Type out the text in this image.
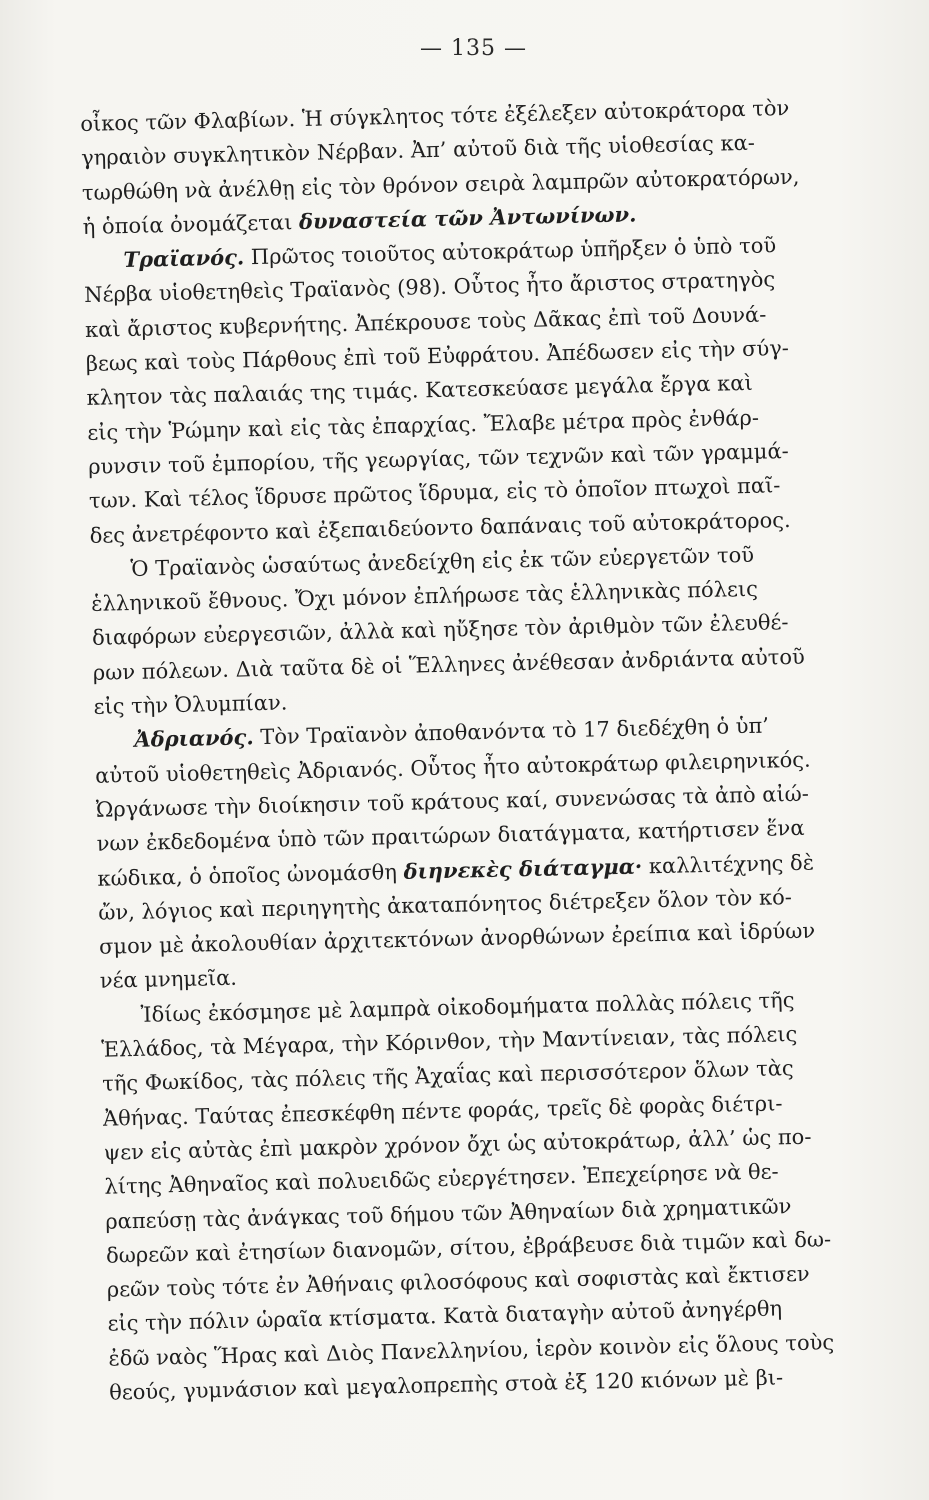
— 135 —
οἶκος τῶν Φλαβίων. Ἡ σύγκλητος τότε ἐξέλεξεν αὐτοκράτορα τὸν
γηραιὸν συγκλητικὸν Νέρβαν. Ἀπ’ αὐτοῦ διὰ τῆς υἱοθεσίας κα-
τωρθώθη νὰ ἀνέλθῃ εἰς τὸν θρόνον σειρὰ λαμπρῶν αὐτοκρατόρων,
ἡ ὁποία ὀνομάζεται δυναστεία τῶν Ἀντωνίνων.
Τραϊανός. Πρῶτος τοιοῦτος αὐτοκράτωρ ὑπῆρξεν ὁ ὑπὸ τοῦ
Νέρβα υἱοθετηθεὶς Τραϊανὸς (98). Οὗτος ἦτο ἄριστος στρατηγὸς
καὶ ἄριστος κυβερνήτης. Ἀπέκρουσε τοὺς Δᾶκας ἐπὶ τοῦ Δουνά-
βεως καὶ τοὺς Πάρθους ἐπὶ τοῦ Εὐφράτου. Ἀπέδωσεν εἰς τὴν σύγ-
κλητον τὰς παλαιάς της τιμάς. Κατεσκεύασε μεγάλα ἔργα καὶ
εἰς τὴν Ῥώμην καὶ εἰς τὰς ἐπαρχίας. Ἔλαβε μέτρα πρὸς ἐνθάρ-
ρυνσιν τοῦ ἐμπορίου, τῆς γεωργίας, τῶν τεχνῶν καὶ τῶν γραμμά-
των. Καὶ τέλος ἵδρυσε πρῶτος ἵδρυμα, εἰς τὸ ὁποῖον πτωχοὶ παῖ-
δες ἀνετρέφοντο καὶ ἐξεπαιδεύοντο δαπάναις τοῦ αὐτοκράτορος.
Ὁ Τραϊανὸς ὡσαύτως ἀνεδείχθη εἰς ἐκ τῶν εὐεργετῶν τοῦ
ἑλληνικοῦ ἔθνους. Ὄχι μόνον ἐπλήρωσε τὰς ἑλληνικὰς πόλεις
διαφόρων εὐεργεσιῶν, ἀλλὰ καὶ ηὔξησε τὸν ἀριθμὸν τῶν ἐλευθέ-
ρων πόλεων. Διὰ ταῦτα δὲ οἱ Ἕλληνες ἀνέθεσαν ἀνδριάντα αὐτοῦ
εἰς τὴν Ὀλυμπίαν.
Ἀδριανός. Τὸν Τραϊανὸν ἀποθανόντα τὸ 17 διεδέχθη ὁ ὑπ’
αὐτοῦ υἱοθετηθεὶς Ἀδριανός. Οὗτος ἦτο αὐτοκράτωρ φιλειρηνικός.
Ὠργάνωσε τὴν διοίκησιν τοῦ κράτους καί, συνενώσας τὰ ἀπὸ αἰώ-
νων ἐκδεδομένα ὑπὸ τῶν πραιτώρων διατάγματα, κατήρτισεν ἕνα
κώδικα, ὁ ὁποῖος ὠνομάσθη διηνεκὲς διάταγμα· καλλιτέχνης δὲ
ὤν, λόγιος καὶ περιηγητὴς ἀκαταπόνητος διέτρεξεν ὅλον τὸν κό-
σμον μὲ ἀκολουθίαν ἀρχιτεκτόνων ἀνορθώνων ἐρείπια καὶ ἱδρύων
νέα μνημεῖα.
Ἰδίως ἐκόσμησε μὲ λαμπρὰ οἰκοδομήματα πολλὰς πόλεις τῆς
Ἑλλάδος, τὰ Μέγαρα, τὴν Κόρινθον, τὴν Μαντίνειαν, τὰς πόλεις
τῆς Φωκίδος, τὰς πόλεις τῆς Ἀχαΐας καὶ περισσότερον ὅλων τὰς
Ἀθήνας. Ταύτας ἐπεσκέφθη πέντε φοράς, τρεῖς δὲ φορὰς διέτρι-
ψεν εἰς αὐτὰς ἐπὶ μακρὸν χρόνον ὄχι ὡς αὐτοκράτωρ, ἀλλ’ ὡς πο-
λίτης Ἀθηναῖος καὶ πολυειδῶς εὐεργέτησεν. Ἐπεχείρησε νὰ θε-
ραπεύσῃ τὰς ἀνάγκας τοῦ δήμου τῶν Ἀθηναίων διὰ χρηματικῶν
δωρεῶν καὶ ἐτησίων διανομῶν, σίτου, ἐβράβευσε διὰ τιμῶν καὶ δω-
ρεῶν τοὺς τότε ἐν Ἀθήναις φιλοσόφους καὶ σοφιστὰς καὶ ἔκτισεν
εἰς τὴν πόλιν ὡραῖα κτίσματα. Κατὰ διαταγὴν αὐτοῦ ἀνηγέρθη
ἐδῶ ναὸς Ἥρας καὶ Διὸς Πανελληνίου, ἱερὸν κοινὸν εἰς ὅλους τοὺς
θεούς, γυμνάσιον καὶ μεγαλοπρεπὴς στοὰ ἐξ 120 κιόνων μὲ βι-
